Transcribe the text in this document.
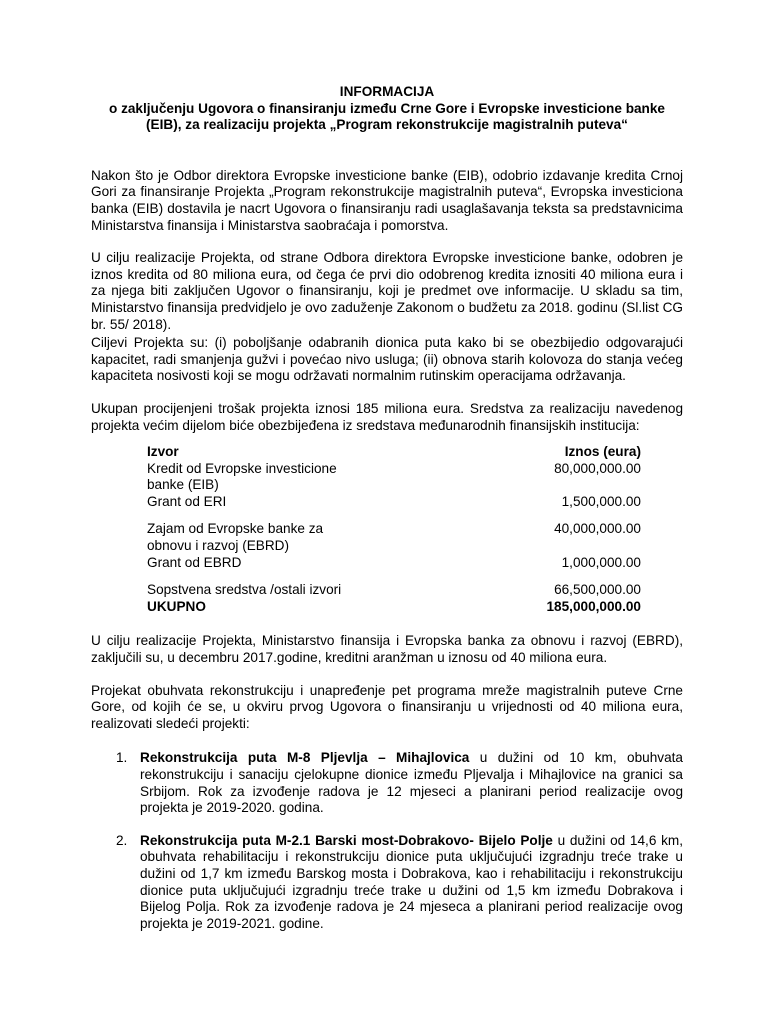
INFORMACIJA
o zaključenju Ugovora o finansiranju između Crne Gore i Evropske investicione banke (EIB), za realizaciju projekta „Program rekonstrukcije magistralnih puteva“

Nakon što je Odbor direktora Evropske investicione banke (EIB), odobrio izdavanje kredita Crnoj Gori za finansiranje Projekta „Program rekonstrukcije magistralnih puteva“, Evropska investiciona banka (EIB) dostavila je nacrt Ugovora o finansiranju radi usaglašavanja teksta sa predstavnicima Ministarstva finansija i Ministarstva saobraćaja i pomorstva.

U cilju realizacije Projekta, od strane Odbora direktora Evropske investicione banke, odobren je iznos kredita od 80 miliona eura, od čega će prvi dio odobrenog kredita iznositi 40 miliona eura i za njega biti zaključen Ugovor o finansiranju, koji je predmet ove informacije. U skladu sa tim, Ministarstvo finansija predvidjelo je ovo zaduženje Zakonom o budžetu za 2018. godinu (Sl.list CG br. 55/ 2018).

Ciljevi Projekta su: (i) poboljšanje odabranih dionica puta kako bi se obezbijedio odgovarajući kapacitet, radi smanjenja gužvi i povećao nivo usluga; (ii) obnova starih kolovoza do stanja većeg kapaciteta nosivosti koji se mogu održavati normalnim rutinskim operacijama održavanja.

Ukupan procijenjeni trošak projekta iznosi 185 miliona eura. Sredstva za realizaciju navedenog projekta većim dijelom biće obezbijeđena iz sredstava međunarodnih finansijskih institucija:

Izvor	Iznos (eura)
Kredit od Evropske investicione banke (EIB)	80,000,000.00
Grant od ERI	1,500,000.00
Zajam od Evropske banke za obnovu i razvoj (EBRD)	40,000,000.00
Grant od EBRD	1,000,000.00
Sopstvena sredstva /ostali izvori	66,500,000.00
UKUPNO	185,000,000.00

U cilju realizacije Projekta, Ministarstvo finansija i Evropska banka za obnovu i razvoj (EBRD), zaključili su, u decembru 2017.godine, kreditni aranžman u iznosu od 40 miliona eura.

Projekat obuhvata rekonstrukciju i unapređenje pet programa mreže magistralnih puteve Crne Gore, od kojih će se, u okviru prvog Ugovora o finansiranju u vrijednosti od 40 miliona eura, realizovati sledeći projekti:

1. Rekonstrukcija puta M-8 Pljevlja – Mihajlovica u dužini od 10 km, obuhvata rekonstrukciju i sanaciju cjelokupne dionice između Pljevalja i Mihajlovice na granici sa Srbijom. Rok za izvođenje radova je 12 mjeseci a planirani period realizacije ovog projekta je 2019-2020. godina.
2. Rekonstrukcija puta M-2.1 Barski most-Dobrakovo- Bijelo Polje u dužini od 14,6 km, obuhvata rehabilitaciju i rekonstrukciju dionice puta uključujući izgradnju treće trake u dužini od 1,7 km između Barskog mosta i Dobrakova, kao i rehabilitaciju i rekonstrukciju dionice puta uključujući izgradnju treće trake u dužini od 1,5 km između Dobrakova i Bijelog Polja. Rok za izvođenje radova je 24 mjeseca a planirani period realizacije ovog projekta je 2019-2021. godine.
